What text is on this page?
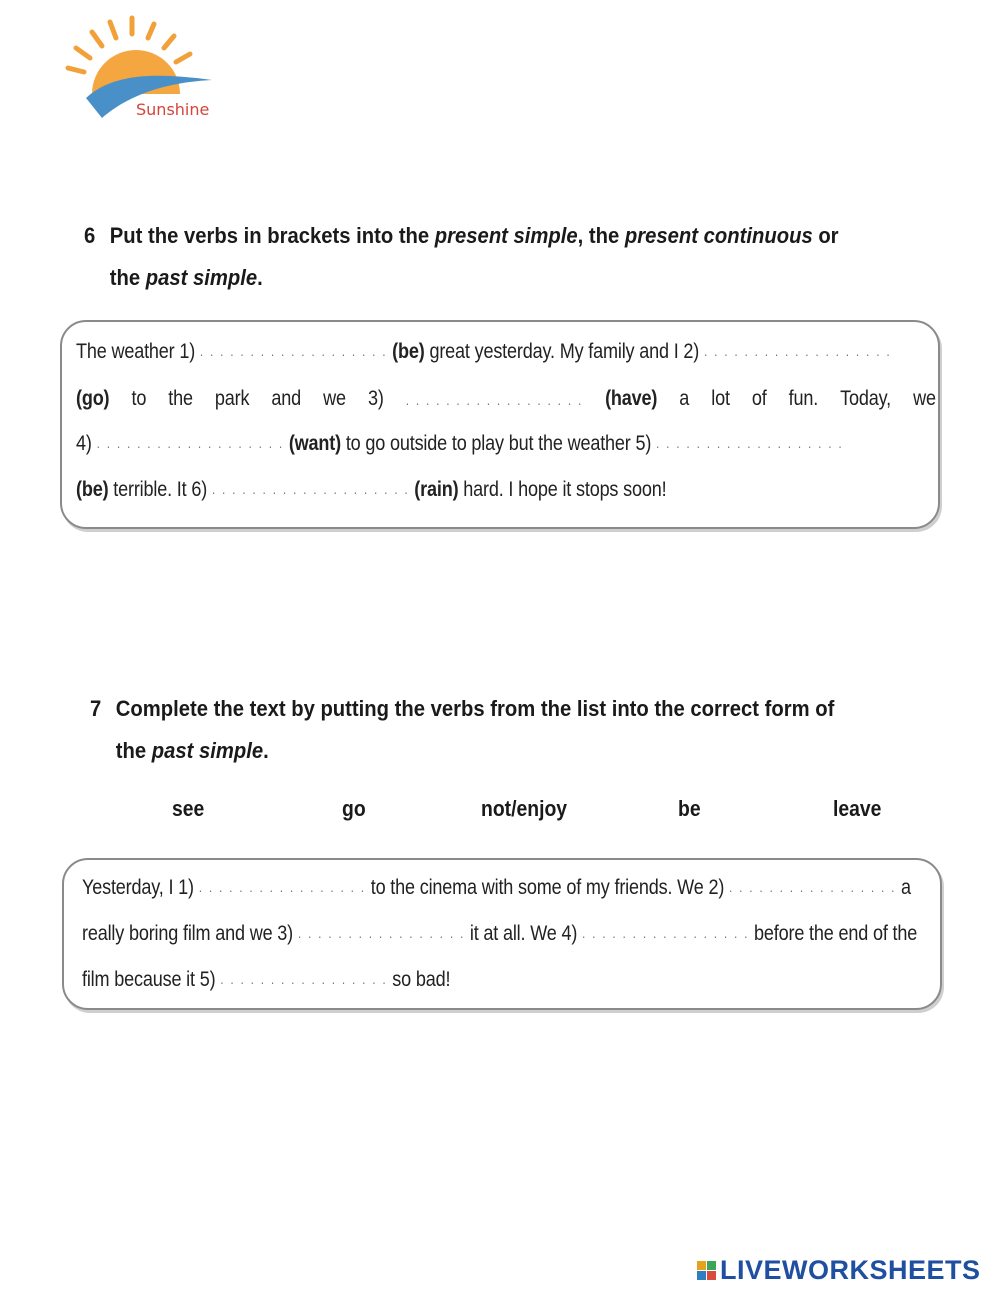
Sunshine
6 Put the verbs in brackets into the present simple, the present continuous or
the past simple.
The weather 1) . . . . . . . . . . . . . . . . . . . (be) great yesterday. My family and I 2) . . . . . . . . . . . . . . . . . . .
(go) to the park and we 3) . . . . . . . . . . . . . . . . . . (have) a lot of fun. Today, we
4) . . . . . . . . . . . . . . . . . . . (want) to go outside to play but the weather 5) . . . . . . . . . . . . . . . . . . .
(be) terrible. It 6) . . . . . . . . . . . . . . . . . . . . (rain) hard. I hope it stops soon!
7 Complete the text by putting the verbs from the list into the correct form of
the past simple.
see	go	not/enjoy	be	leave
Yesterday, I 1) . . . . . . . . . . . . . . . . . to the cinema with some of my friends. We 2) . . . . . . . . . . . . . . . . . a
really boring film and we 3) . . . . . . . . . . . . . . . . . it at all. We 4) . . . . . . . . . . . . . . . . . before the end of the
film because it 5) . . . . . . . . . . . . . . . . . so bad!
LIVEWORKSHEETS
